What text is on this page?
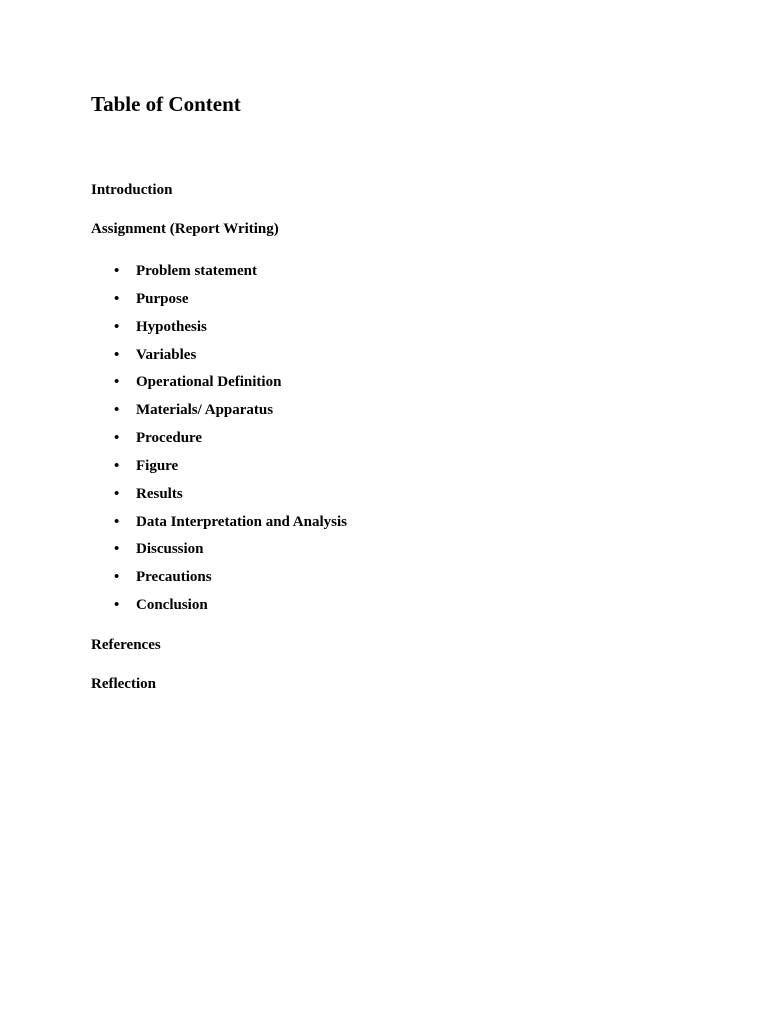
Table of Content

Introduction

Assignment (Report Writing)

• Problem statement
• Purpose
• Hypothesis
• Variables
• Operational Definition
• Materials/ Apparatus
• Procedure
• Figure
• Results
• Data Interpretation and Analysis
• Discussion
• Precautions
• Conclusion

References

Reflection
